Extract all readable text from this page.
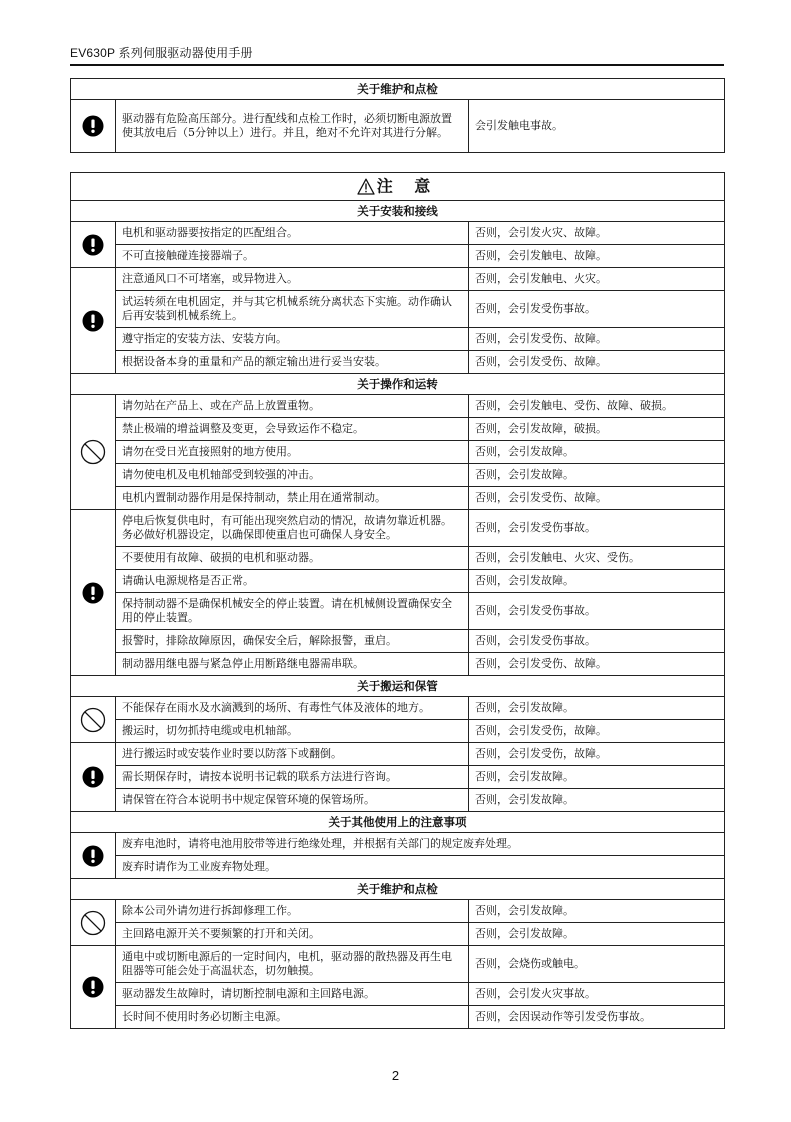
EV630P 系列伺服驱动器使用手册
关于维护和点检

	驱动器有危险高压部分。进行配线和点检工作时，必须切断电源放置使其放电后（5分钟以上）进行。并且，绝对不允许对其进行分解。	会引发触电事故。
注 意		
关于安装和接线		

	电机和驱动器要按指定的匹配组合。	否则，会引发火灾、故障。
	不可直接触碰连接器端子。	否则，会引发触电、故障。

	注意通风口不可堵塞，或异物进入。	否则，会引发触电、火灾。
	试运转须在电机固定，并与其它机械系统分离状态下实施。动作确认后再安装到机械系统上。	否则，会引发受伤事故。
	遵守指定的安装方法、安装方向。	否则，会引发受伤、故障。
	根据设备本身的重量和产品的额定输出进行妥当安装。	否则，会引发受伤、故障。
关于操作和运转		

	请勿站在产品上、或在产品上放置重物。	否则，会引发触电、受伤、故障、破损。
	禁止极端的增益调整及变更，会导致运作不稳定。	否则，会引发故障，破损。
	请勿在受日光直接照射的地方使用。	否则，会引发故障。
	请勿使电机及电机轴部受到较强的冲击。	否则，会引发故障。
	电机内置制动器作用是保持制动，禁止用在通常制动。	否则，会引发受伤、故障。

	停电后恢复供电时，有可能出现突然启动的情况，故请勿靠近机器。务必做好机器设定，以确保即使重启也可确保人身安全。	否则，会引发受伤事故。
	不要使用有故障、破损的电机和驱动器。	否则，会引发触电、火灾、受伤。
	请确认电源规格是否正常。	否则，会引发故障。
	保持制动器不是确保机械安全的停止装置。请在机械侧设置确保安全用的停止装置。	否则，会引发受伤事故。
	报警时，排除故障原因，确保安全后，解除报警，重启。	否则，会引发受伤事故。
	制动器用继电器与紧急停止用断路继电器需串联。	否则，会引发受伤、故障。
关于搬运和保管		

	不能保存在雨水及水滴溅到的场所、有毒性气体及液体的地方。	否则，会引发故障。
	搬运时，切勿抓持电缆或电机轴部。	否则，会引发受伤，故障。

	进行搬运时或安装作业时要以防落下或翻倒。	否则，会引发受伤，故障。
	需长期保存时，请按本说明书记载的联系方法进行咨询。	否则，会引发故障。
	请保管在符合本说明书中规定保管环境的保管场所。	否则，会引发故障。
关于其他使用上的注意事项		

	废弃电池时，请将电池用胶带等进行绝缘处理，并根据有关部门的规定废弃处理。	
	废弃时请作为工业废弃物处理。	
关于维护和点检		

	除本公司外请勿进行拆卸修理工作。	否则，会引发故障。
	主回路电源开关不要频繁的打开和关闭。	否则，会引发故障。

	通电中或切断电源后的一定时间内，电机，驱动器的散热器及再生电阻器等可能会处于高温状态，切勿触摸。	否则，会烧伤或触电。
	驱动器发生故障时，请切断控制电源和主回路电源。	否则，会引发火灾事故。
	长时间不使用时务必切断主电源。	否则，会因误动作等引发受伤事故。
2
